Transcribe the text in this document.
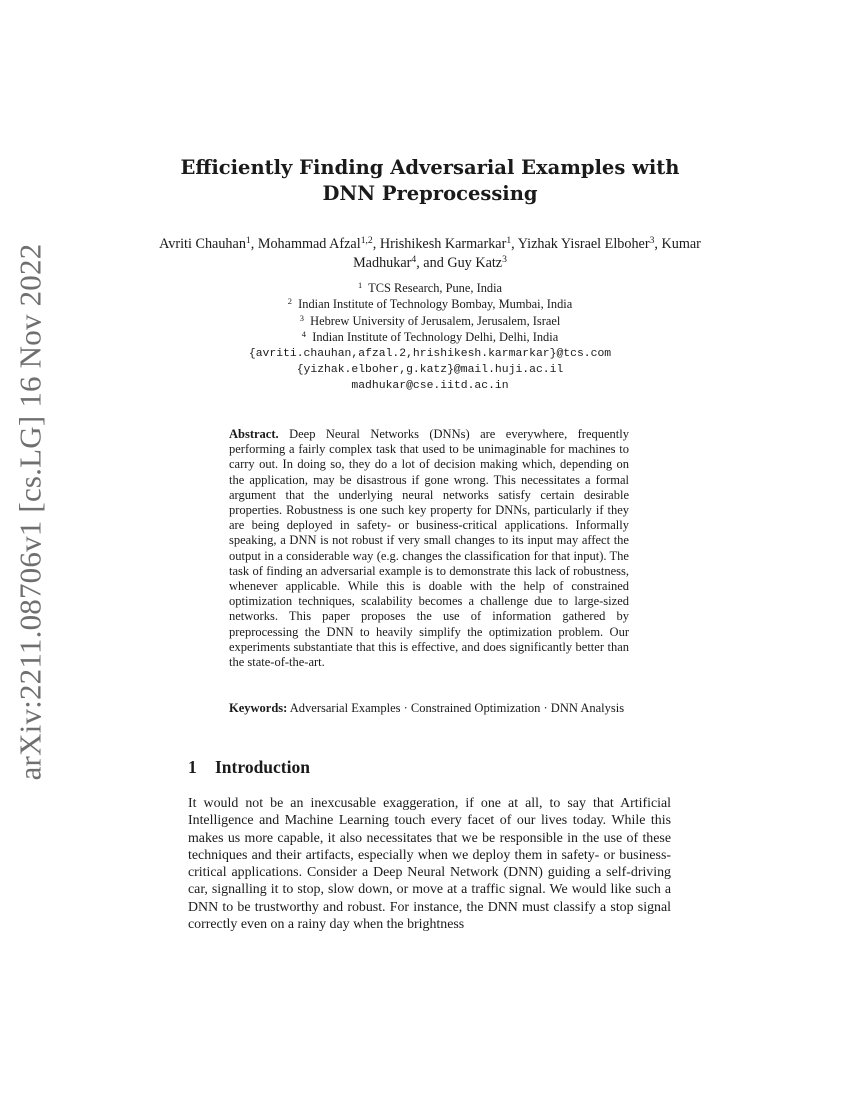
arXiv:2211.08706v1 [cs.LG] 16 Nov 2022
Efficiently Finding Adversarial Examples with
DNN Preprocessing
Avriti Chauhan$^1$, Mohammad Afzal$^{1,2}$, Hrishikesh Karmarkar$^1$, Yizhak Yisrael Elboher$^3$, Kumar Madhukar$^4$, and Guy Katz$^3$
$^1$ TCS Research, Pune, India
$^2$ Indian Institute of Technology Bombay, Mumbai, India
$^3$ Hebrew University of Jerusalem, Jerusalem, Israel
$^4$ Indian Institute of Technology Delhi, Delhi, India
{avriti.chauhan,afzal.2,hrishikesh.karmarkar}@tcs.com
{yizhak.elboher,g.katz}@mail.huji.ac.il
madhukar@cse.iitd.ac.in
Abstract. Deep Neural Networks (DNNs) are everywhere, frequently performing a fairly complex task that used to be unimaginable for machines to carry out. In doing so, they do a lot of decision making which, depending on the application, may be disastrous if gone wrong. This necessitates a formal argument that the underlying neural networks satisfy certain desirable properties. Robustness is one such key property for DNNs, particularly if they are being deployed in safety- or business-critical applications. Informally speaking, a DNN is not robust if very small changes to its input may affect the output in a considerable way (e.g. changes the classification for that input). The task of finding an adversarial example is to demonstrate this lack of robustness, whenever applicable. While this is doable with the help of constrained optimization techniques, scalability becomes a challenge due to large-sized networks. This paper proposes the use of information gathered by preprocessing the DNN to heavily simplify the optimization problem. Our experiments substantiate that this is effective, and does significantly better than the state-of-the-art.
Keywords: Adversarial Examples · Constrained Optimization · DNN Analysis
1 Introduction
It would not be an inexcusable exaggeration, if one at all, to say that Artificial Intelligence and Machine Learning touch every facet of our lives today. While this makes us more capable, it also necessitates that we be responsible in the use of these techniques and their artifacts, especially when we deploy them in safety- or business-critical applications. Consider a Deep Neural Network (DNN) guiding a self-driving car, signalling it to stop, slow down, or move at a traffic signal. We would like such a DNN to be trustworthy and robust. For instance, the DNN must classify a stop signal correctly even on a rainy day when the brightness
